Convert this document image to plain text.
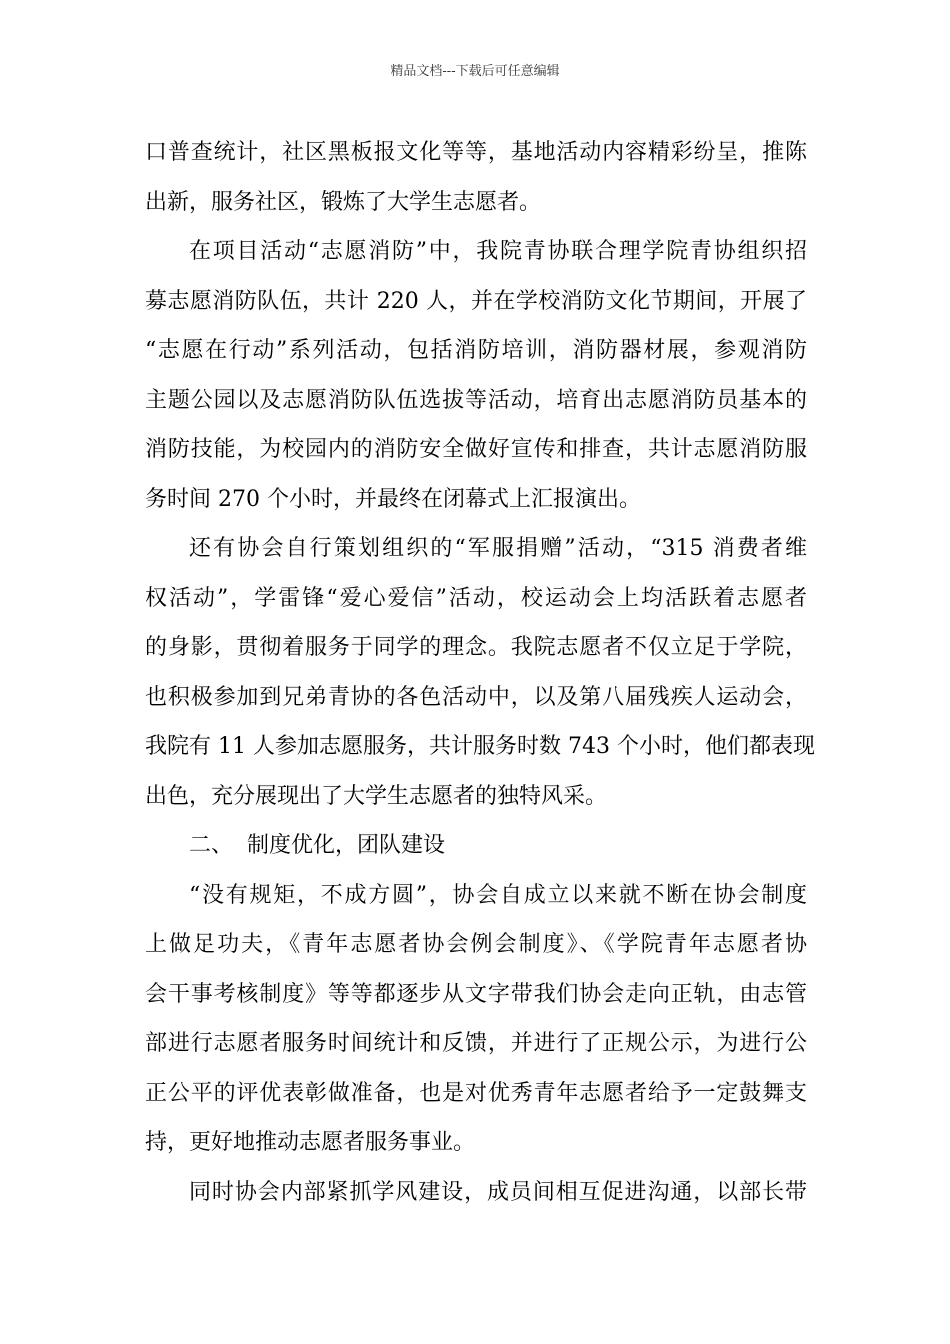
精品文档---下载后可任意编辑
口普查统计，社区黑板报文化等等，基地活动内容精彩纷呈，推陈
出新，服务社区，锻炼了大学生志愿者。
在项目活动“志愿消防”中，我院青协联合理学院青协组织招
募志愿消防队伍，共计 220 人，并在学校消防文化节期间，开展了
“志愿在行动”系列活动，包括消防培训，消防器材展，参观消防
主题公园以及志愿消防队伍选拔等活动，培育出志愿消防员基本的
消防技能，为校园内的消防安全做好宣传和排查，共计志愿消防服
务时间 270 个小时，并最终在闭幕式上汇报演出。
还有协会自行策划组织的“军服捐赠”活动，“315 消费者维
权活动”，学雷锋“爱心爱信”活动，校运动会上均活跃着志愿者
的身影，贯彻着服务于同学的理念。我院志愿者不仅立足于学院，
也积极参加到兄弟青协的各色活动中，以及第八届残疾人运动会，
我院有 11 人参加志愿服务，共计服务时数 743 个小时，他们都表现
出色，充分展现出了大学生志愿者的独特风采。
二、 制度优化，团队建设
“没有规矩，不成方圆”，协会自成立以来就不断在协会制度
上做足功夫，《青年志愿者协会例会制度》、《学院青年志愿者协
会干事考核制度》等等都逐步从文字带我们协会走向正轨，由志管
部进行志愿者服务时间统计和反馈，并进行了正规公示，为进行公
正公平的评优表彰做准备，也是对优秀青年志愿者给予一定鼓舞支
持，更好地推动志愿者服务事业。
同时协会内部紧抓学风建设，成员间相互促进沟通，以部长带
